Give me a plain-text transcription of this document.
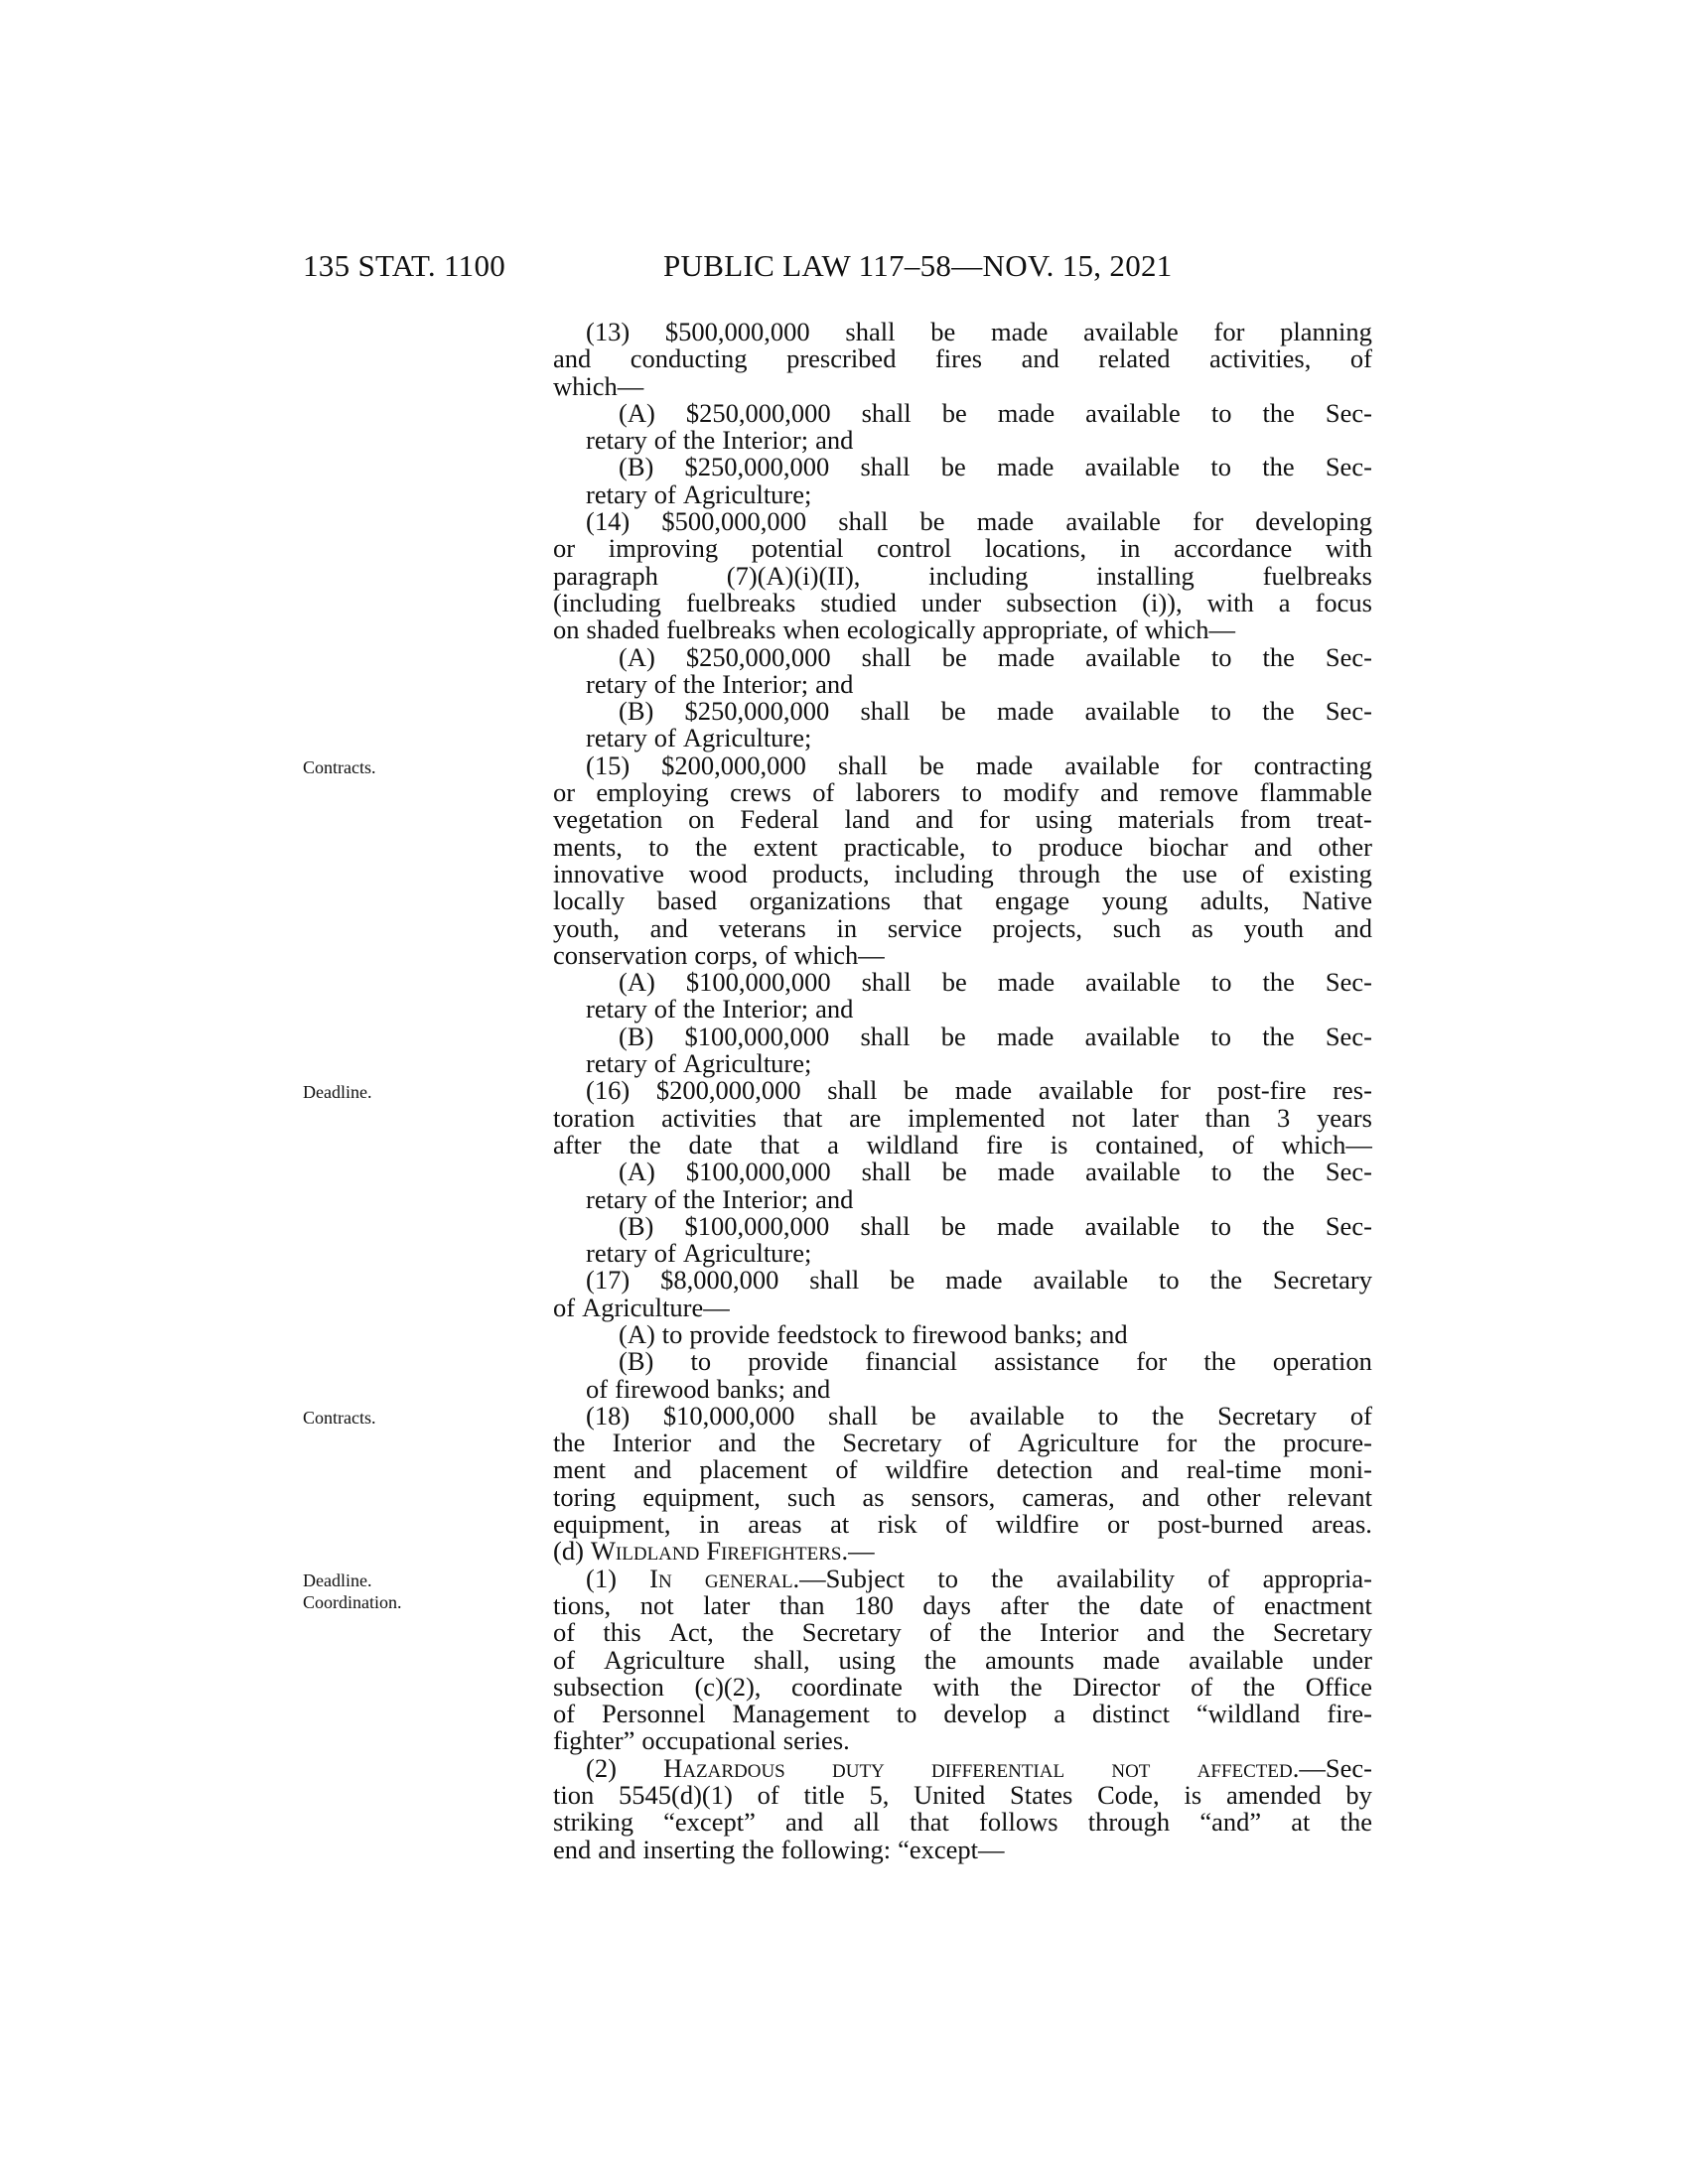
135 STAT. 1100	PUBLIC LAW 117–58—NOV. 15, 2021
Contracts.
Deadline.
Contracts.
Deadline.
Coordination.
(13) $500,000,000 shall be made available for planning
and conducting prescribed fires and related activities, of
which—
(A) $250,000,000 shall be made available to the Sec-
retary of the Interior; and
(B) $250,000,000 shall be made available to the Sec-
retary of Agriculture;
(14) $500,000,000 shall be made available for developing
or improving potential control locations, in accordance with
paragraph	(7)(A)(i)(II),	including	installing	fuelbreaks
(including fuelbreaks studied under subsection (i)), with a focus
on shaded fuelbreaks when ecologically appropriate, of which—
(A) $250,000,000 shall be made available to the Sec-
retary of the Interior; and
(B) $250,000,000 shall be made available to the Sec-
retary of Agriculture;
(15) $200,000,000 shall be made available for contracting
or employing crews of laborers to modify and remove flammable
vegetation on Federal land and for using materials from treat-
ments, to the extent practicable, to produce biochar and other
innovative wood products, including through the use of existing
locally based organizations that engage young adults, Native
youth, and veterans in service projects, such as youth and
conservation corps, of which—
(A) $100,000,000 shall be made available to the Sec-
retary of the Interior; and
(B) $100,000,000 shall be made available to the Sec-
retary of Agriculture;
(16) $200,000,000 shall be made available for post-fire res-
toration activities that are implemented not later than 3 years
after the date that a wildland fire is contained, of which—
(A) $100,000,000 shall be made available to the Sec-
retary of the Interior; and
(B) $100,000,000 shall be made available to the Sec-
retary of Agriculture;
(17) $8,000,000 shall be made available to the Secretary
of Agriculture—
(A) to provide feedstock to firewood banks; and
(B) to provide financial assistance for the operation
of firewood banks; and
(18) $10,000,000 shall be available to the Secretary of
the Interior and the Secretary of Agriculture for the procure-
ment and placement of wildfire detection and real-time moni-
toring equipment, such as sensors, cameras, and other relevant
equipment, in areas at risk of wildfire or post-burned areas.
(d) Wildland Firefighters.—
(1) In general.—Subject to the availability of appropria-
tions, not later than 180 days after the date of enactment
of this Act, the Secretary of the Interior and the Secretary
of Agriculture shall, using the amounts made available under
subsection (c)(2), coordinate with the Director of the Office
of Personnel Management to develop a distinct “wildland fire-
fighter” occupational series.
(2) Hazardous duty differential not affected.—Sec-
tion 5545(d)(1) of title 5, United States Code, is amended by
striking “except” and all that follows through “and” at the
end and inserting the following: “except—
